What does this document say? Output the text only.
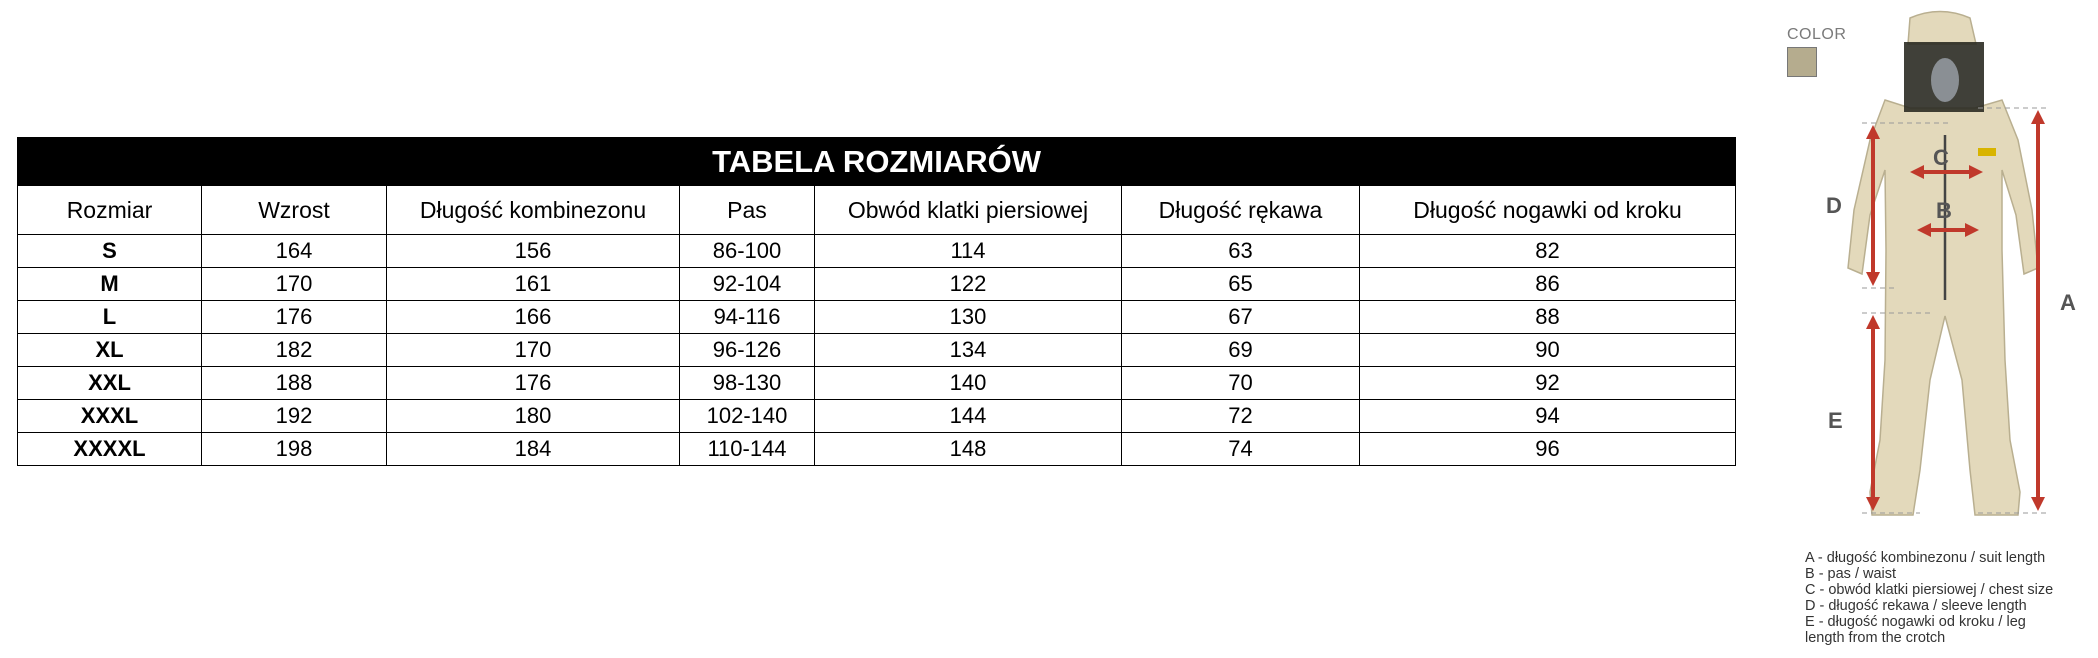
TABELA ROZMIARÓW						
Rozmiar	Wzrost	Długość kombinezonu	Pas	Obwód klatki piersiowej	Długość rękawa	Długość nogawki od kroku
S	164	156	86-100	114	63	82
M	170	161	92-104	122	65	86
L	176	166	94-116	130	67	88
XL	182	170	96-126	134	69	90
XXL	188	176	98-130	140	70	92
XXXL	192	180	102-140	144	72	94
XXXXL	198	184	110-144	148	74	96
COLOR
A
B
C
D
E
A - długość kombinezonu / suit length
B - pas / waist
C - obwód klatki piersiowej / chest size
D - długość rekawa / sleeve length
E - długość nogawki od kroku / leg
length from the crotch
